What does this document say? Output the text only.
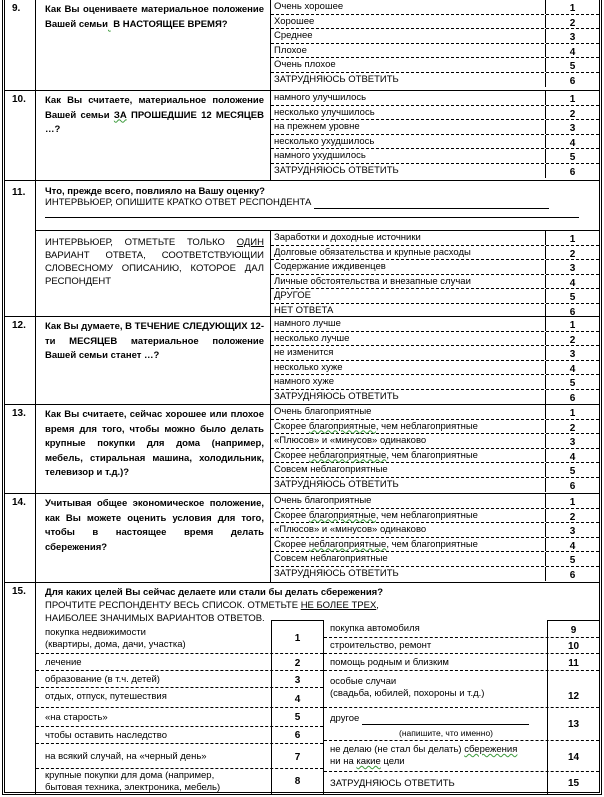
9.	Как Вы оцениваете материальное положение Вашей семьи  В НАСТОЯЩЕЕ ВРЕМЯ?
Очень хорошее	1
Хорошее	2
Среднее	3
Плохое	4
Очень плохое	5
ЗАТРУДНЯЮСЬ ОТВЕТИТЬ	6
10.	Как Вы считаете, материальное положение Вашей семьи ЗА ПРОШЕДШИЕ 12 МЕСЯЦЕВ …?
намного улучшилось	1
несколько улучшилось	2
на прежнем уровне	3
несколько ухудшилось	4
намного ухудшилось	5
ЗАТРУДНЯЮСЬ ОТВЕТИТЬ	6
11.	Что, прежде всего, повлияло на Вашу оценку?
ИНТЕРВЬЮЕР, ОПИШИТЕ КРАТКО ОТВЕТ РЕСПОНДЕНТА
ИНТЕРВЬЮЕР, ОТМЕТЬТЕ ТОЛЬКО ОДИН ВАРИАНТ ОТВЕТА, СООТВЕТСТВУЮЩИИ СЛОВЕСНОМУ ОПИСАНИЮ, КОТОРОЕ ДАЛ РЕСПОНДЕНТ
Заработки и доходные источники	1
Долговые обязательства и крупные расходы	2
Содержание иждивенцев	3
Личные обстоятельства и внезапные случаи	4
ДРУГОЕ	5
НЕТ ОТВЕТА	6
12.	Как Вы думаете, В ТЕЧЕНИЕ СЛЕДУЮЩИХ 12-ти МЕСЯЦЕВ материальное положение Вашей семьи станет …?
намного лучше	1
несколько лучше	2
не изменится	3
несколько хуже	4
намного хуже	5
ЗАТРУДНЯЮСЬ ОТВЕТИТЬ	6
13.	Как Вы считаете, сейчас хорошее или плохое время для того, чтобы можно было делать крупные покупки для дома (например, мебель, стиральная машина, холодильник, телевизор и т.д.)?
Очень благоприятные	1
Скорее благоприятные, чем неблагоприятные	2
«Плюсов» и «минусов» одинаково	3
Скорее неблагоприятные, чем благоприятные	4
Совсем неблагоприятные	5
ЗАТРУДНЯЮСЬ ОТВЕТИТЬ	6
14.	Учитывая общее экономическое положение, как Вы можете оценить условия для того, чтобы в настоящее время делать сбережения?
Очень благоприятные	1
Скорее благоприятные, чем неблагоприятные	2
«Плюсов» и «минусов» одинаково	3
Скорее неблагоприятные, чем благоприятные	4
Совсем неблагоприятные	5
ЗАТРУДНЯЮСЬ ОТВЕТИТЬ	6
15.	Для каких целей Вы сейчас делаете или стали бы делать сбережения?
ПРОЧТИТЕ РЕСПОНДЕНТУ ВЕСЬ СПИСОК. ОТМЕТЬТЕ НЕ БОЛЕЕ ТРЕХ,
НАИБОЛЕЕ ЗНАЧИМЫХ ВАРИАНТОВ ОТВЕТОВ.
покупка недвижимости
(квартиры, дома, дачи, участка)
1
лечение	2
образование (в т.ч. детей)	3
отдых, отпуск, путешествия	4
«на старость»	5
чтобы оставить наследство	6
на всякий случай, на «черный день»	7
крупные покупки для дома (например,
бытовая техника, электроника, мебель)
8
покупка автомобиля	9
строительство, ремонт	10
помощь родным и близким	11
особые случаи
(свадьба, юбилей, похороны и т.д.)	12
другое
(напишите, что именно)
13
не делаю (не стал бы делать) сбережения
ни на какие цели	14
ЗАТРУДНЯЮСЬ ОТВЕТИТЬ	15
